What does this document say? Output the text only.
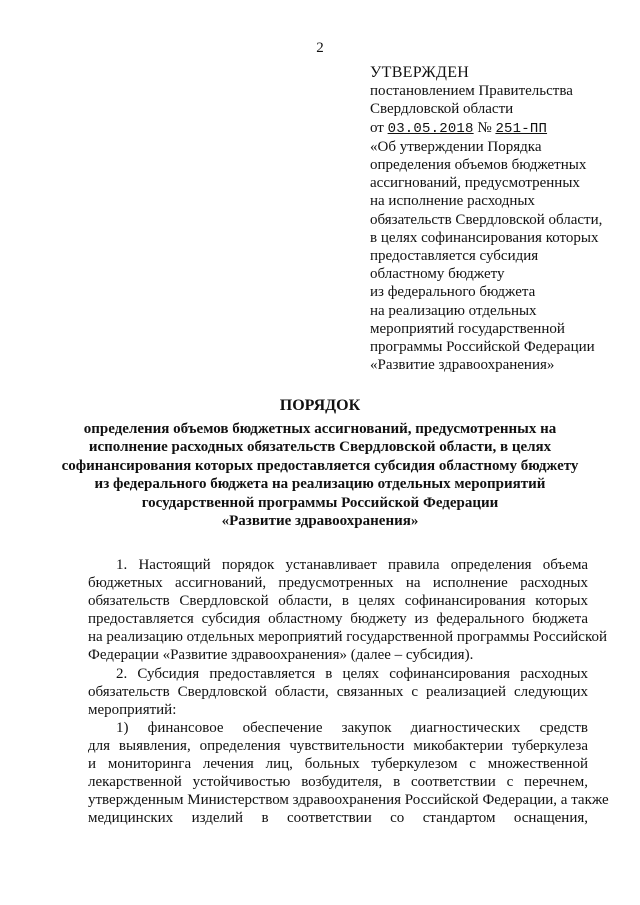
2
УТВЕРЖДЕН
постановлением Правительства
Свердловской области
от 03.05.2018 № 251-ПП
«Об утверждении Порядка
определения объемов бюджетных
ассигнований, предусмотренных
на исполнение расходных
обязательств Свердловской области,
в целях софинансирования которых
предоставляется субсидия
областному бюджету
из федерального бюджета
на реализацию отдельных
мероприятий государственной
программы Российской Федерации
«Развитие здравоохранения»
ПОРЯДОК
определения объемов бюджетных ассигнований, предусмотренных на
исполнение расходных обязательств Свердловской области, в целях
софинансирования которых предоставляется субсидия областному бюджету
из федерального бюджета на реализацию отдельных мероприятий
государственной программы Российской Федерации
«Развитие здравоохранения»
1. Настоящий порядок устанавливает правила определения объема
бюджетных ассигнований, предусмотренных на исполнение расходных
обязательств Свердловской области, в целях софинансирования которых
предоставляется субсидия областному бюджету из федерального бюджета
на реализацию отдельных мероприятий государственной программы Российской
Федерации «Развитие здравоохранения» (далее – субсидия).
2. Субсидия предоставляется в целях софинансирования расходных
обязательств Свердловской области, связанных с реализацией следующих
мероприятий:
1) финансовое обеспечение закупок диагностических средств
для выявления, определения чувствительности микобактерии туберкулеза
и мониторинга лечения лиц, больных туберкулезом с множественной
лекарственной устойчивостью возбудителя, в соответствии с перечнем,
утвержденным Министерством здравоохранения Российской Федерации, а также
медицинских изделий в соответствии со стандартом оснащения,
